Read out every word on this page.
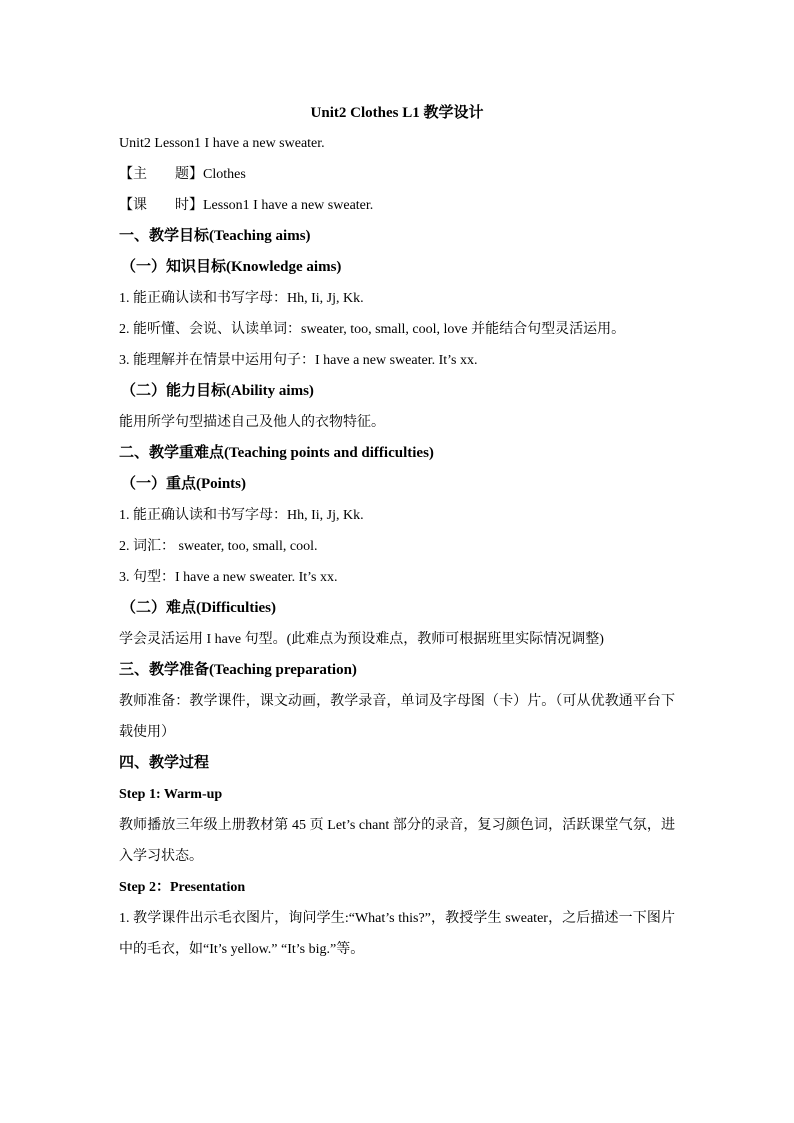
Unit2 Clothes L1 教学设计

Unit2 Lesson1 I have a new sweater.

【主　　题】Clothes

【课　　时】Lesson1 I have a new sweater.

一、教学目标(Teaching aims)

（一）知识目标(Knowledge aims)

1. 能正确认读和书写字母：Hh, Ii, Jj, Kk.

2. 能听懂、会说、认读单词：sweater, too, small, cool, love 并能结合句型灵活运用。

3. 能理解并在情景中运用句子：I have a new sweater. It’s xx.

（二）能力目标(Ability aims)

能用所学句型描述自己及他人的衣物特征。

二、教学重难点(Teaching points and difficulties)

（一）重点(Points)

1. 能正确认读和书写字母：Hh, Ii, Jj, Kk.

2. 词汇： sweater, too, small, cool.

3. 句型：I have a new sweater. It’s xx.

（二）难点(Difficulties)

学会灵活运用 I have 句型。(此难点为预设难点，教师可根据班里实际情况调整)

三、教学准备(Teaching preparation)

教师准备：教学课件，课文动画，教学录音，单词及字母图（卡）片。（可从优教通平台下载使用）

四、教学过程

Step 1: Warm-up

教师播放三年级上册教材第 45 页 Let’s chant 部分的录音，复习颜色词，活跃课堂气氛，进入学习状态。

Step 2：Presentation

1. 教学课件出示毛衣图片，询问学生:“What’s this?”，教授学生 sweater，之后描述一下图片中的毛衣，如“It’s yellow.” “It’s big.”等。
